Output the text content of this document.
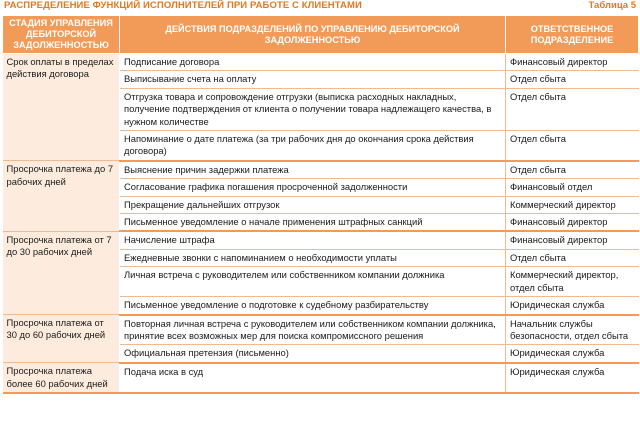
РАСПРЕДЕЛЕНИЕ ФУНКЦИЙ ИСПОЛНИТЕЛЕЙ ПРИ РАБОТЕ С КЛИЕНТАМИ	Таблица 5
СТАДИЯ УПРАВЛЕНИЯ ДЕБИТОРСКОЙ ЗАДОЛЖЕННОСТЬЮ	ДЕЙСТВИЯ ПОДРАЗДЕЛЕНИЙ ПО УПРАВЛЕНИЮ ДЕБИТОРСКОЙ ЗАДОЛЖЕННОСТЬЮ	ОТВЕТСТВЕННОЕ ПОДРАЗДЕЛЕНИЕ
Срок оплаты в пределах действия договора	Подписание договора	Финансовый директор
	Выписывание счета на оплату	Отдел сбыта
	Отгрузка товара и сопровождение отгрузки (выписка расходных накладных, получение подтверждения от клиента о получении товара надлежащего качества, в нужном количестве	Отдел сбыта
	Напоминание о дате платежа (за три рабочих дня до окончания срока действия договора)	Отдел сбыта
Просрочка платежа до 7 рабочих дней	Выяснение причин задержки платежа	Отдел сбыта
	Согласование графика погашения просроченной задолженности	Финансовый отдел
	Прекращение дальнейших отгрузок	Коммерческий директор
	Письменное уведомление о начале применения штрафных санкций	Финансовый директор
Просрочка платежа от 7 до 30 рабочих дней	Начисление штрафа	Финансовый директор
	Ежедневные звонки с напоминанием о необходимости уплаты	Отдел сбыта
	Личная встреча с руководителем или собственником компании должника	Коммерческий директор, отдел сбыта
	Письменное уведомление о подготовке к судебному разбирательству	Юридическая служба
Просрочка платежа от 30 до 60 рабочих дней	Повторная личная встреча с руководителем или собственником компании должника, принятие всех возможных мер для поиска компромиссного решения	Начальник службы безопасности, отдел сбыта
	Официальная претензия (письменно)	Юридическая служба
Просрочка платежа более 60 рабочих дней	Подача иска в суд	Юридическая служба
